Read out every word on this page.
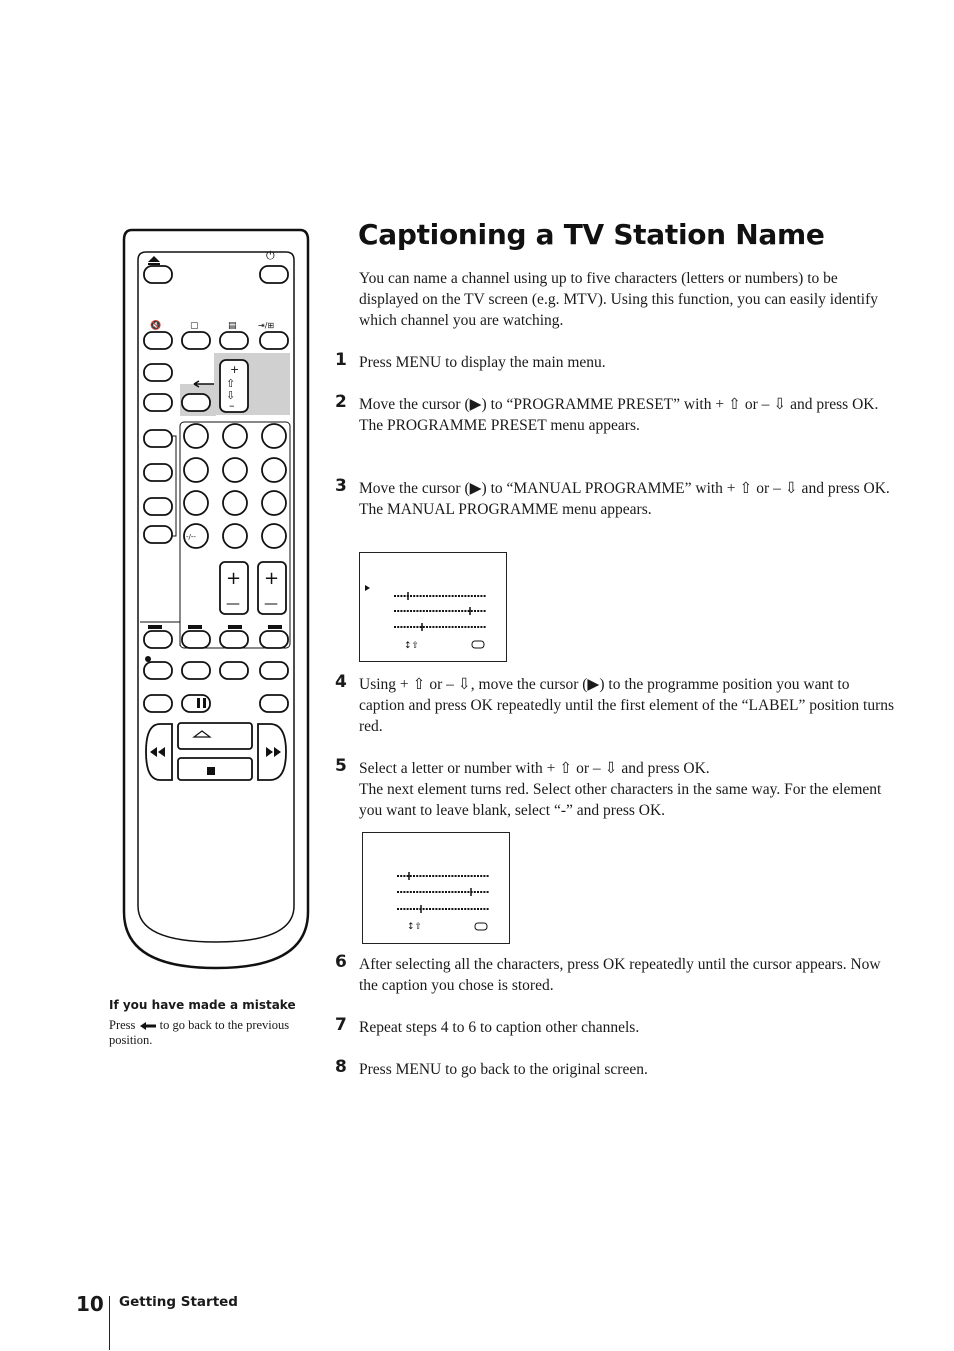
+
–
⇧
⇩
+
—
+
—
⏻
🔇	▢	▤	⇥/⊞
-/--
Captioning a TV Station Name
You can name a channel using up to five characters (letters or numbers) to be displayed on the TV screen (e.g. MTV). Using this function, you can easily identify which channel you are watching.
1 Press MENU to display the main menu.

2 Move the cursor (▶) to “PROGRAMME PRESET” with + ⇧ or – ⇩ and press OK.

The PROGRAMME PRESET menu appears.

3 Move the cursor (▶) to “MANUAL PROGRAMME” with + ⇧ or – ⇩ and press OK.

The MANUAL PROGRAMME menu appears.

↕⇧
4 Using + ⇧ or – ⇩, move the cursor (▶) to the programme position you want to caption and press OK repeatedly until the first element of the “LABEL” position turns red.

5 Select a letter or number with + ⇧ or – ⇩ and press OK.

The next element turns red. Select other characters in the same way. For the element you want to leave blank, select “-” and press OK.

↕⇧
6 After selecting all the characters, press OK repeatedly until the cursor appears. Now the caption you chose is stored.

7 Repeat steps 4 to 6 to caption other channels.

8 Press MENU to go back to the original screen.

If you have made a mistake
Press to go back to the previous position.
10 Getting Started
